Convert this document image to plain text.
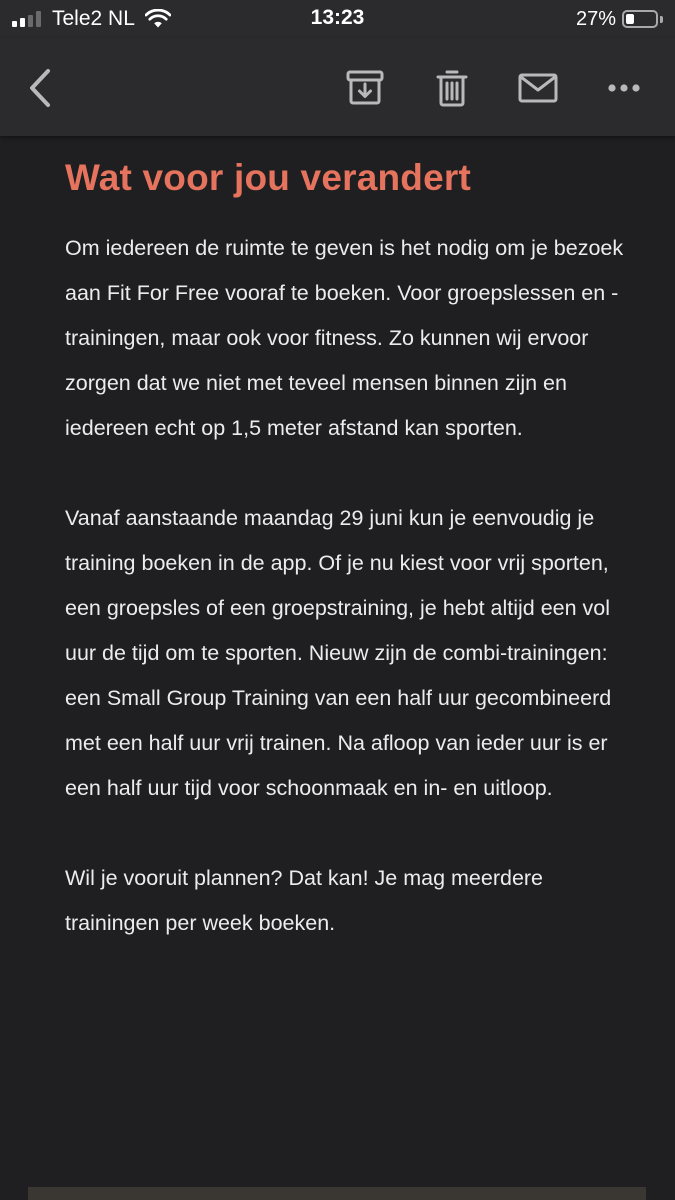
Tele2 NL	13:23	27%
Wat voor jou verandert

Om iedereen de ruimte te geven is het nodig om je bezoek aan Fit For Free vooraf te boeken. Voor groepslessen en -trainingen, maar ook voor fitness. Zo kunnen wij ervoor zorgen dat we niet met teveel mensen binnen zijn en iedereen echt op 1,5 meter afstand kan sporten.

Vanaf aanstaande maandag 29 juni kun je eenvoudig je training boeken in de app. Of je nu kiest voor vrij sporten, een groepsles of een groepstraining, je hebt altijd een vol uur de tijd om te sporten. Nieuw zijn de combi-trainingen: een Small Group Training van een half uur gecombineerd met een half uur vrij trainen. Na afloop van ieder uur is er een half uur tijd voor schoonmaak en in- en uitloop.

Wil je vooruit plannen? Dat kan! Je mag meerdere trainingen per week boeken.
